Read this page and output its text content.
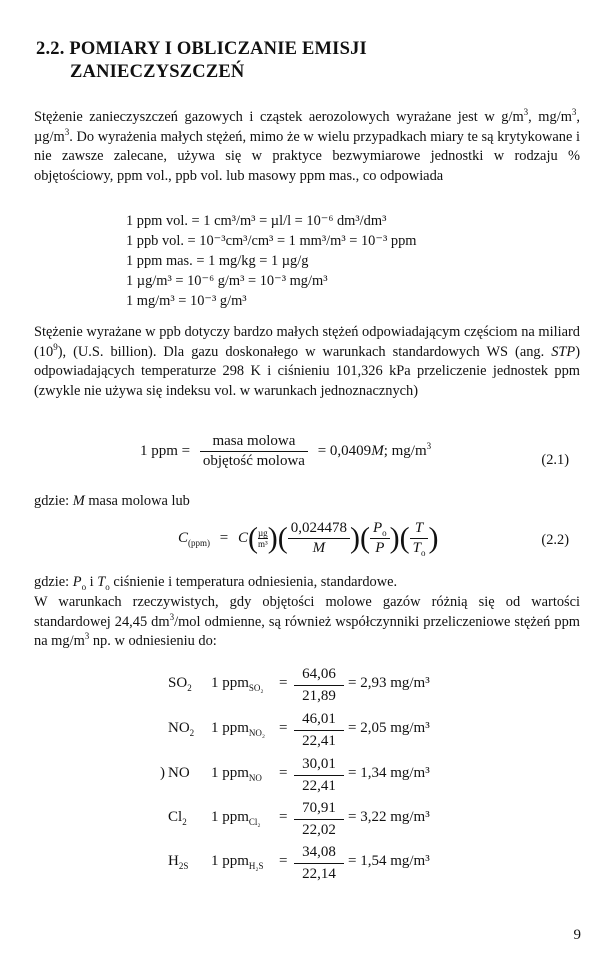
2.2. POMIARY I OBLICZANIE EMISJI
ZANIECZYSZCZEŃ
Stężenie zanieczyszczeń gazowych i cząstek aerozolowych wyrażane jest w $g/m^3$, $mg/m^3$, $\mu g/m^3$. Do wyrażenia małych stężeń, mimo że w wielu przypadkach miary te są krytykowane i nie zawsze zalecane, używa się w praktyce bezwymiarowe jednostki w rodzaju % objętościowy, ppm vol., ppb vol. lub masowy ppm mas., co odpowiada
1 ppm vol. = 1 cm³/m³ = µl/l = 10⁻⁶ dm³/dm³
1 ppb vol. = 10⁻³cm³/cm³ = 1 mm³/m³ = 10⁻³ ppm
1 ppm mas. = 1 mg/kg = 1 µg/g
1 µg/m³ = 10⁻⁶ g/m³ = 10⁻³ mg/m³
1 mg/m³ = 10⁻³ g/m³
Stężenie wyrażane w ppb dotyczy bardzo małych stężeń odpowiadającym częściom na miliard $(10^9)$, (U.S. billion). Dla gazu doskonałego w warunkach standardowych WS (ang. STP) odpowiadających temperaturze 298 K i ciśnieniu 101,326 kPa przeliczenie jednostek ppm (zwykle nie używa się indeksu vol. w warunkach jednoznacznych)
1 ppm = $\frac{\text{masa molowa}}{\text{objętość molowa}} = 0,0409M$; $mg/m^3$
(2.1)
gdzie: M masa molowa lub
$C_{(ppm)} = C( \frac{\text{µg}}{\text{m³}})( \frac{0,024478}{M}$ )( $\frac{P_o}{P}$ )( $\frac{T}{T_o}$ )	(2.2)
gdzie: $P_o$ i $T_o$ ciśnienie i temperatura odniesienia, standardowe.
W warunkach rzeczywistych, gdy objętości molowe gazów różnią się od wartości standardowej 24,45 $dm^3$/mol odmienne, są również współczynniki przeliczeniowe stężeń ppm na $mg/m^3$ np. w odniesieniu do:
$SO_2$ 1 ppm$_{SO_2}$ =
64,06
21,89
= 2,93 mg/m³
$NO_2$ 1 ppm$_{NO_2}$ =
46,01
22,41
= 2,05 mg/m³
) NO 1 ppm$_{NO}$ =
30,01
22,41
= 1,34 mg/m³
$Cl_2$ 1 ppm$_{Cl_2}$ =
70,91
22,02
= 3,22 mg/m³
$H_{2S}$ 1 ppm$_{H_2S}$ =
34,08
22,14
= 1,54 mg/m³
9
